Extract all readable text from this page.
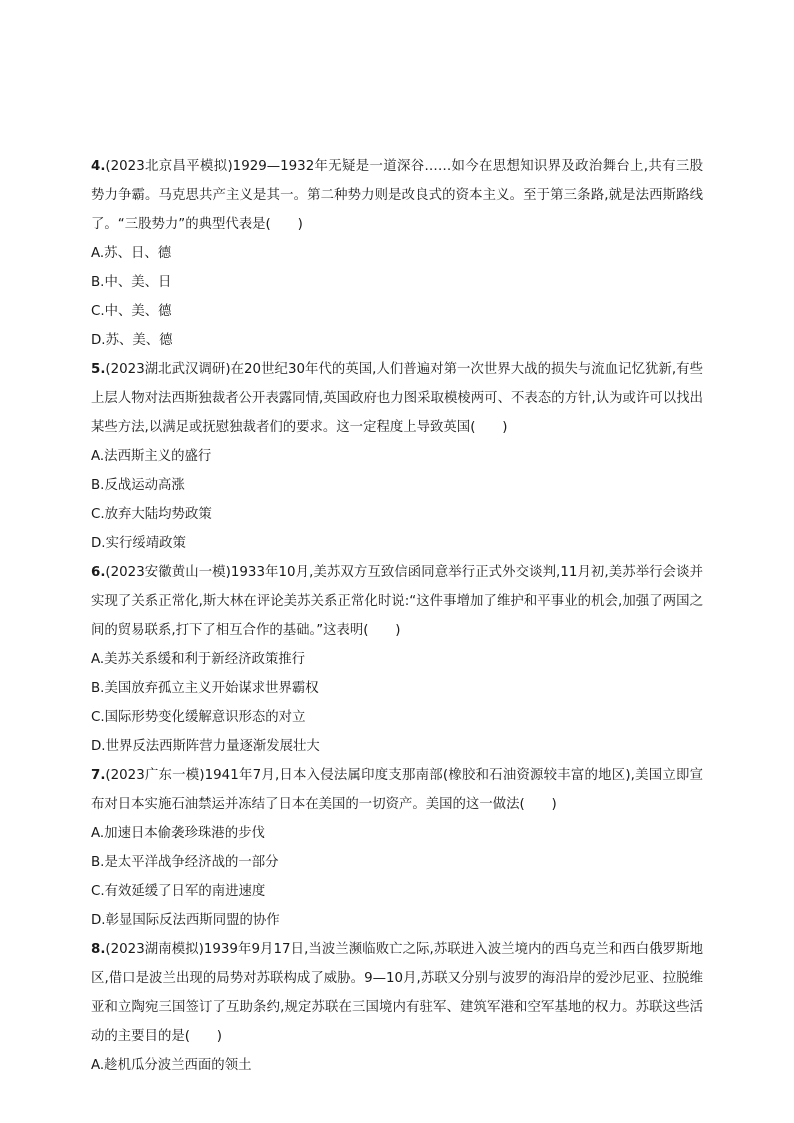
4.(2023北京昌平模拟)1929—1932年无疑是一道深谷……如今在思想知识界及政治舞台上,共有三股势力争霸。马克思共产主义是其一。第二种势力则是改良式的资本主义。至于第三条路,就是法西斯路线了。“三股势力”的典型代表是(　　)

A.苏、日、德

B.中、美、日

C.中、美、德

D.苏、美、德

5.(2023湖北武汉调研)在20世纪30年代的英国,人们普遍对第一次世界大战的损失与流血记忆犹新,有些上层人物对法西斯独裁者公开表露同情,英国政府也力图采取模棱两可、不表态的方针,认为或许可以找出某些方法,以满足或抚慰独裁者们的要求。这一定程度上导致英国(　　)

A.法西斯主义的盛行

B.反战运动高涨

C.放弃大陆均势政策

D.实行绥靖政策

6.(2023安徽黄山一模)1933年10月,美苏双方互致信函同意举行正式外交谈判,11月初,美苏举行会谈并实现了关系正常化,斯大林在评论美苏关系正常化时说:“这件事增加了维护和平事业的机会,加强了两国之间的贸易联系,打下了相互合作的基础。”这表明(　　)

A.美苏关系缓和利于新经济政策推行

B.美国放弃孤立主义开始谋求世界霸权

C.国际形势变化缓解意识形态的对立

D.世界反法西斯阵营力量逐渐发展壮大

7.(2023广东一模)1941年7月,日本入侵法属印度支那南部(橡胶和石油资源较丰富的地区),美国立即宣布对日本实施石油禁运并冻结了日本在美国的一切资产。美国的这一做法(　　)

A.加速日本偷袭珍珠港的步伐

B.是太平洋战争经济战的一部分

C.有效延缓了日军的南进速度

D.彰显国际反法西斯同盟的协作

8.(2023湖南模拟)1939年9月17日,当波兰濒临败亡之际,苏联进入波兰境内的西乌克兰和西白俄罗斯地区,借口是波兰出现的局势对苏联构成了威胁。9—10月,苏联又分别与波罗的海沿岸的爱沙尼亚、拉脱维亚和立陶宛三国签订了互助条约,规定苏联在三国境内有驻军、建筑军港和空军基地的权力。苏联这些活动的主要目的是(　　)

A.趁机瓜分波兰西面的领土
